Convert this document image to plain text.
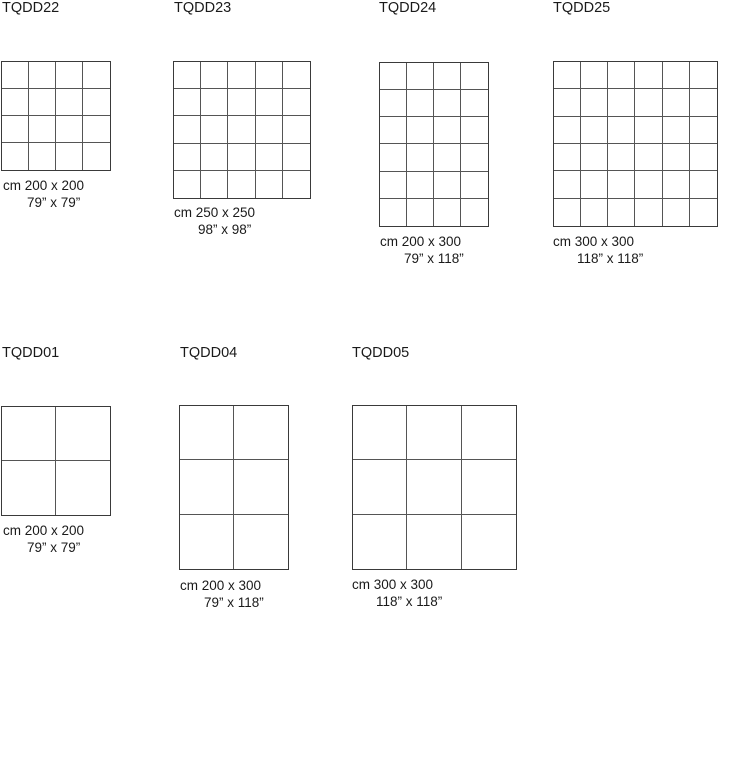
TQDD22
cm 200 x 200
79” x 79”
TQDD23
cm 250 x 250
98” x 98”
TQDD24
cm 200 x 300
79” x 118”
TQDD25
cm 300 x 300
118” x 118”
TQDD01
cm 200 x 200
79” x 79”
TQDD04
cm 200 x 300
79” x 118”
TQDD05
cm 300 x 300
118” x 118”
